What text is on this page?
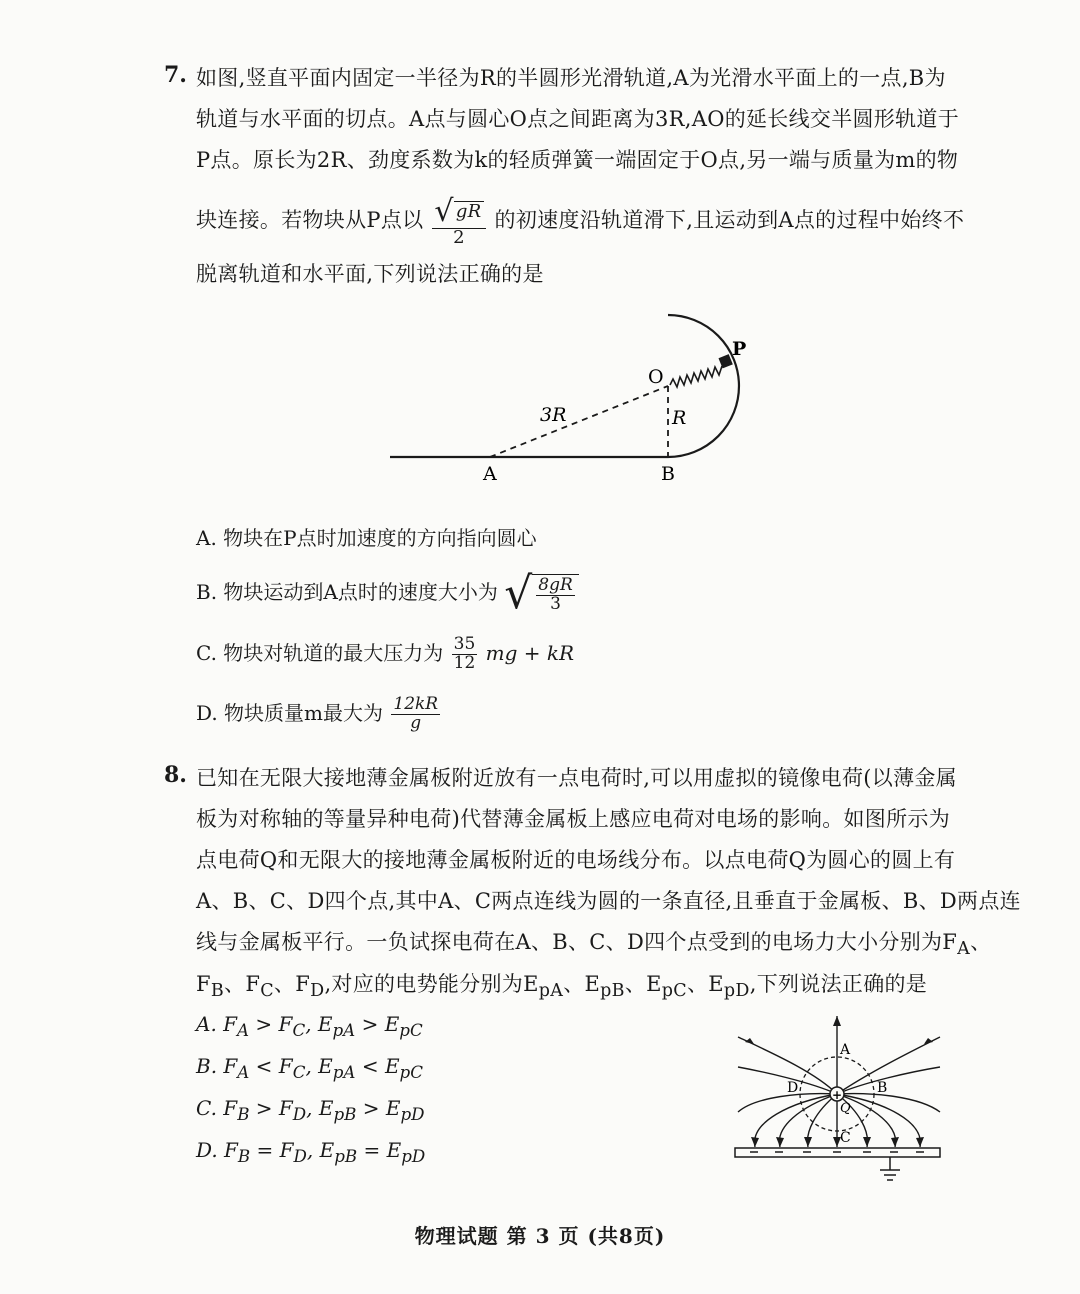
7. 如图,竖直平面内固定一半径为R的半圆形光滑轨道,A为光滑水平面上的一点,B为
轨道与水平面的切点。A点与圆心O点之间距离为3R,AO的延长线交半圆形轨道于
P点。原长为2R、劲度系数为k的轻质弹簧一端固定于O点,另一端与质量为m的物
块连接。若物块从P点以 $\frac{√ gR}{2}$ 的初速度沿轨道滑下,且运动到A点的过程中始终不
脱离轨道和水平面,下列说法正确的是
P
O
3R	R
A	B
A. 物块在P点时加速度的方向指向圆心
B. 物块运动到A点时的速度大小为 √ $\frac{8gR}{3}$
C. 物块对轨道的最大压力为 $\frac{35}{12}$ mg + kR
D. 物块质量m最大为 $\frac{12kR}{g}$
8. 已知在无限大接地薄金属板附近放有一点电荷时,可以用虚拟的镜像电荷(以薄金属
板为对称轴的等量异种电荷)代替薄金属板上感应电荷对电场的影响。如图所示为
点电荷Q和无限大的接地薄金属板附近的电场线分布。以点电荷Q为圆心的圆上有
A、B、C、D四个点,其中A、C两点连线为圆的一条直径,且垂直于金属板、B、D两点连
线与金属板平行。一负试探电荷在A、B、C、D四个点受到的电场力大小分别为$F_A$、
$F_B$、$F_C$、$F_D$,对应的电势能分别为$E_{pA}$、$E_{pB}$、$E_{pC}$、$E_{pD}$,下列说法正确的是
A. $F_A > F_C$, $E_{pA} > E_{pC}$
B. $F_A < F_C$, $E_{pA} < E_{pC}$
C. $F_B > F_D$, $E_{pB} > E_{pD}$
D. $F_B = F_D$, $E_{pB} = E_{pD}$
+
A
B
C
D
Q
物理试题 第 3 页 (共8页)
